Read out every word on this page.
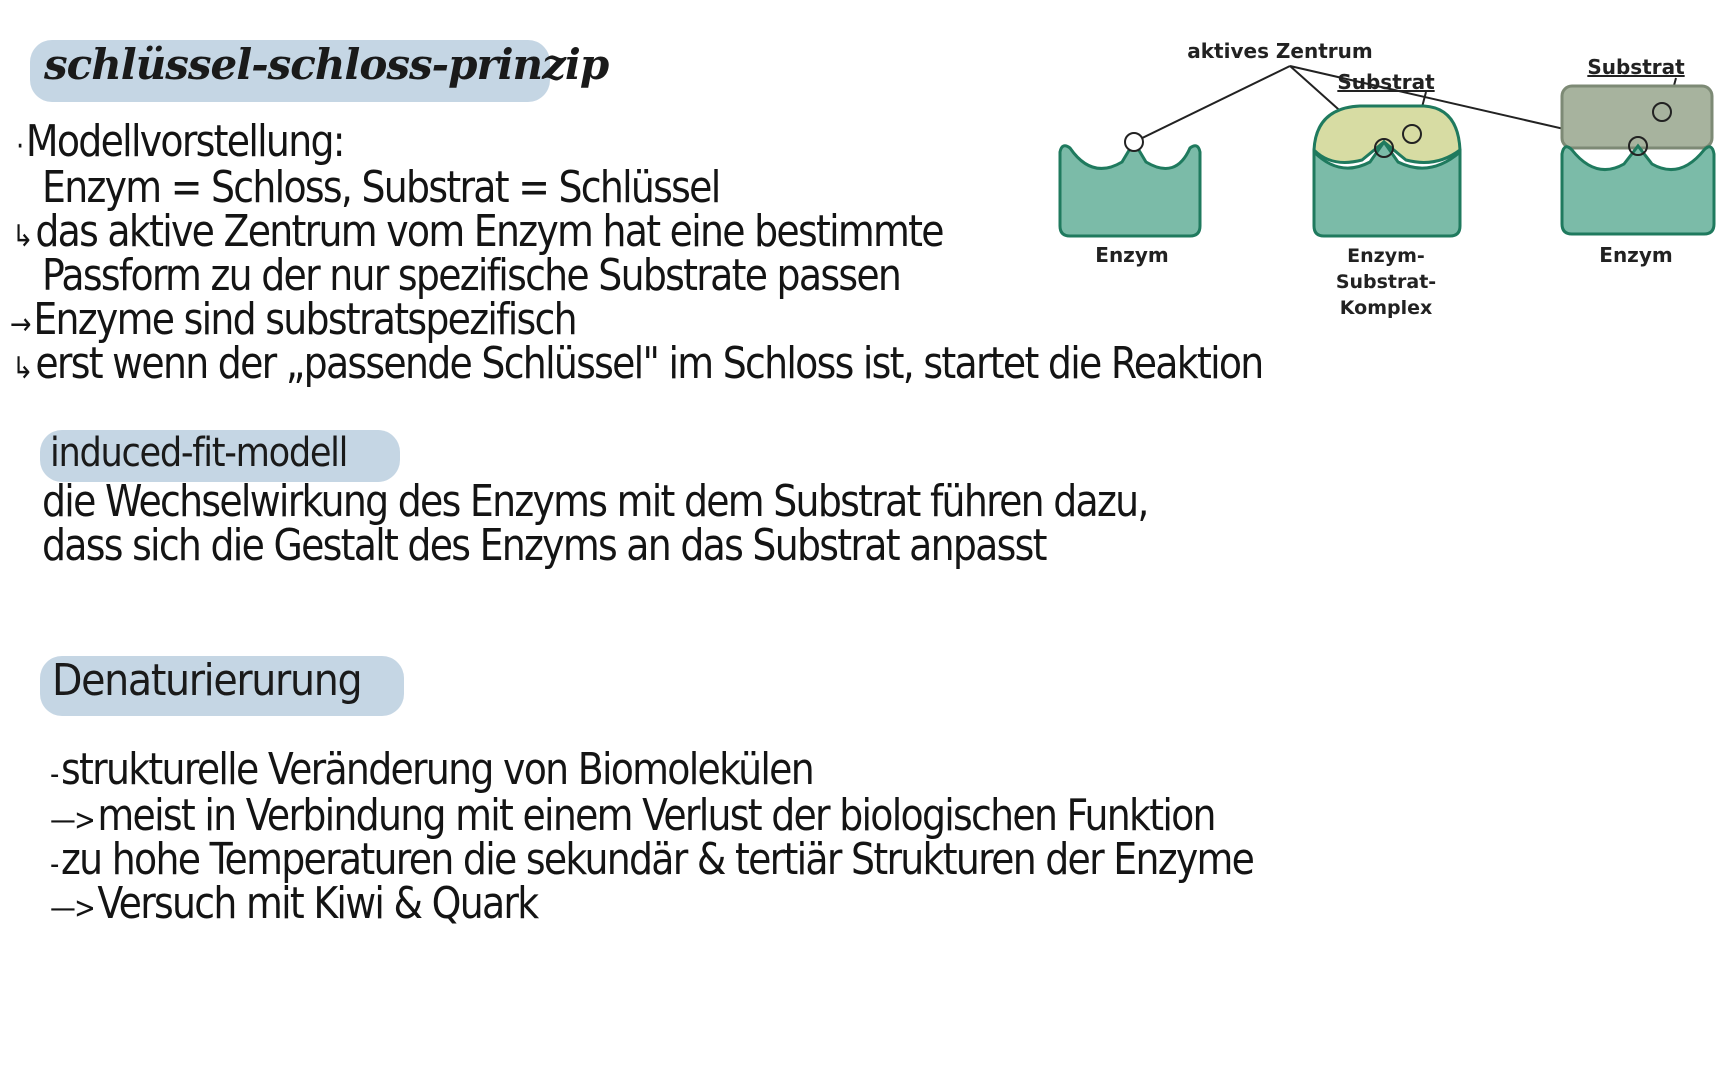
schlüssel-schloss-prinzip
·Modellvorstellung:
Enzym = Schloss, Substrat = Schlüssel
↳das aktive Zentrum vom Enzym hat eine bestimmte
Passform zu der nur spezifische Substrate passen
→Enzyme sind substratspezifisch
↳erst wenn der „passende Schlüssel" im Schloss ist, startet die Reaktion
aktives Zentrum
Substrat
Substrat
Enzym	Enzym-
Substrat-
Komplex
Enzym
induced-fit-modell
die Wechselwirkung des Enzyms mit dem Substrat führen dazu,
dass sich die Gestalt des Enzyms an das Substrat anpasst
Denaturierurung
-strukturelle Veränderung von Biomolekülen
—>meist in Verbindung mit einem Verlust der biologischen Funktion
-zu hohe Temperaturen die sekundär & tertiär Strukturen der Enzyme
—>Versuch mit Kiwi & Quark
